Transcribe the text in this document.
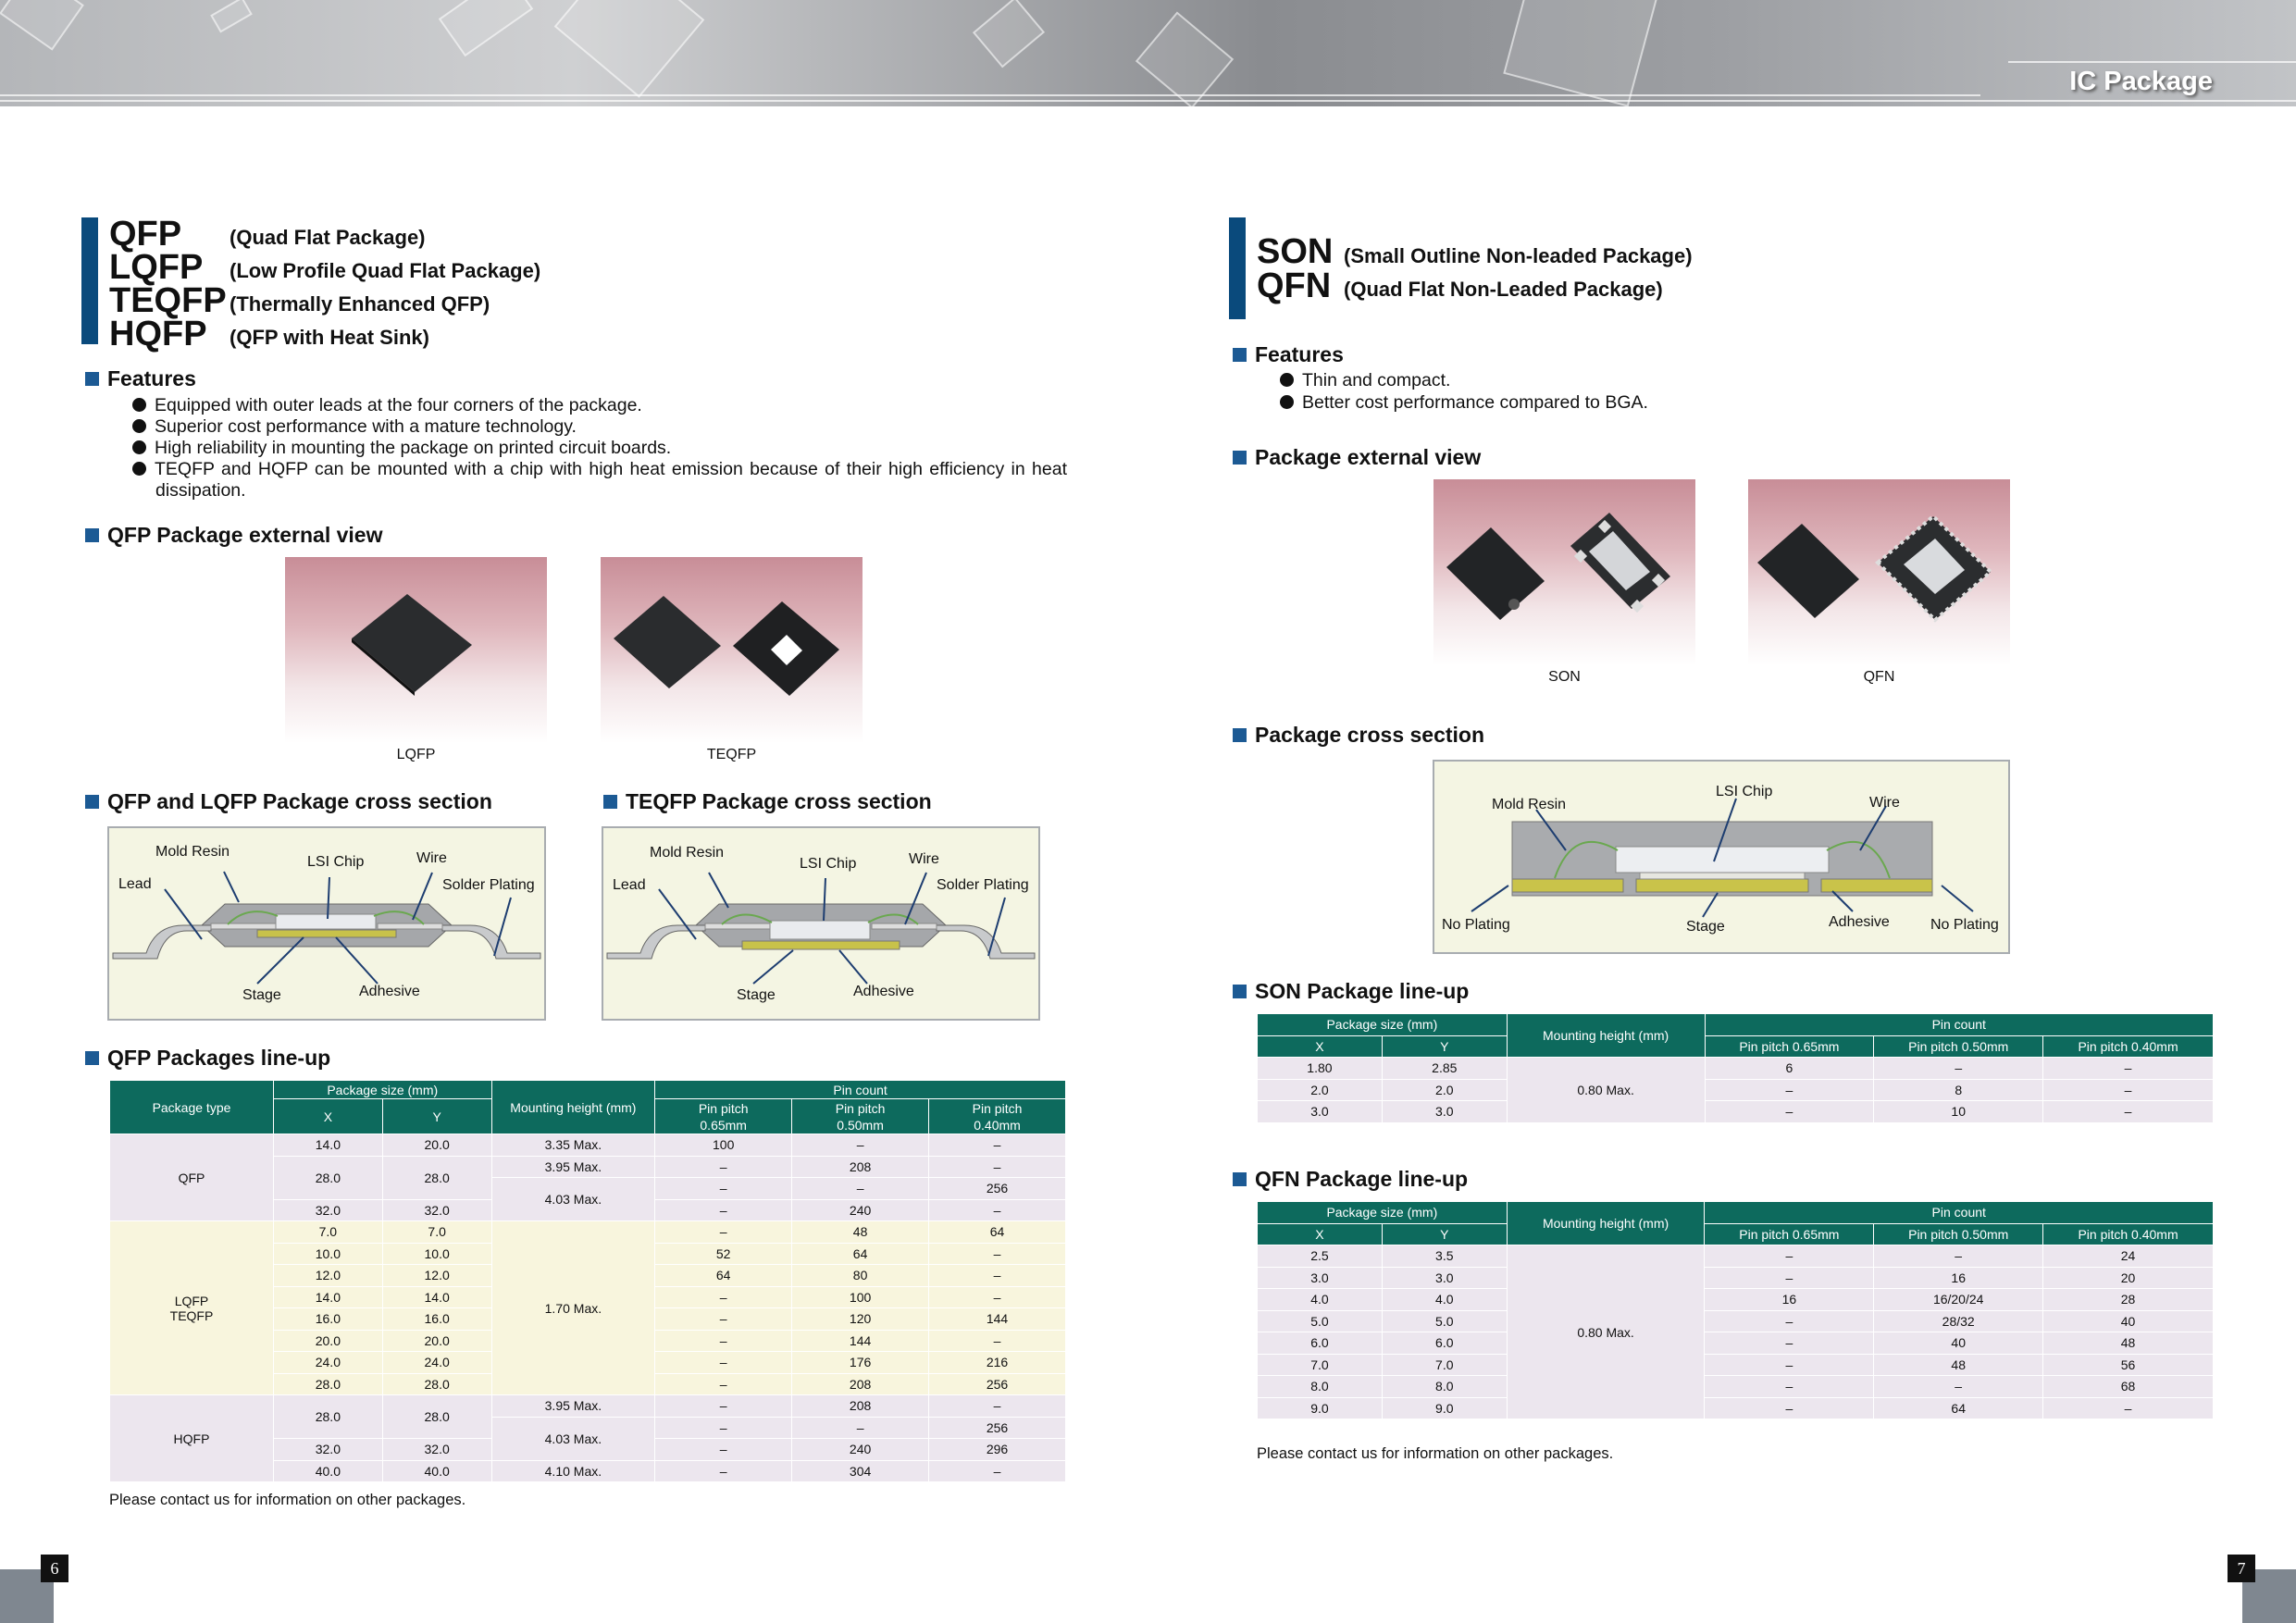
IC Package
QFP (Quad Flat Package)
LQFP (Low Profile Quad Flat Package)
TEQFP (Thermally Enhanced QFP)
HQFP (QFP with Heat Sink)
Features
Equipped with outer leads at the four corners of the package.
Superior cost performance with a mature technology.
High reliability in mounting the package on printed circuit boards.
TEQFP and HQFP can be mounted with a chip with high heat emission because of their high efficiency in heat dissipation.
QFP Package external view
LQFP	TEQFP
QFP and LQFP Package cross section	TEQFP Package cross section
Mold Resin
LSI Chip	Wire
Lead	Solder Plating
Stage	Adhesive
Mold Resin
LSI Chip	Wire
Lead	Solder Plating
Stage	Adhesive
QFP Packages line-up
Package type	Package size (mm)		Mounting height (mm)	Pin count		
	X	Y		Pin pitch 0.65mm	Pin pitch 0.50mm	Pin pitch 0.40mm
QFP	14.0	20.0	3.35 Max.	100	–	–
	28.0	28.0	3.95 Max.	–	208	–
			4.03 Max.	–	–	256
	32.0	32.0		–	240	–
LQFP TEQFP	7.0	7.0	1.70 Max.	–	48	64
	10.0	10.0		52	64	–
	12.0	12.0		64	80	–
	14.0	14.0		–	100	–
	16.0	16.0		–	120	144
	20.0	20.0		–	144	–
	24.0	24.0		–	176	216
	28.0	28.0		–	208	256
HQFP	28.0	28.0	3.95 Max.	–	208	–
			4.03 Max.	–	–	256
	32.0	32.0		–	240	296
	40.0	40.0	4.10 Max.	–	304	–
Please contact us for information on other packages.
SON (Small Outline Non-leaded Package)
QFN (Quad Flat Non-Leaded Package)
Features
Thin and compact.
Better cost performance compared to BGA.
Package external view
SON	QFN
Package cross section
Mold Resin
LSI Chip
Wire
No Plating	Stage	Adhesive	No Plating
SON Package line-up
Package size (mm)		Mounting height (mm)	Pin count		
X	Y		Pin pitch 0.65mm	Pin pitch 0.50mm	Pin pitch 0.40mm
1.80	2.85	0.80 Max.	6	–	–
2.0	2.0		–	8	–
3.0	3.0		–	10	–
QFN Package line-up
Package size (mm)		Mounting height (mm)	Pin count		
X	Y		Pin pitch 0.65mm	Pin pitch 0.50mm	Pin pitch 0.40mm
2.5	3.5	0.80 Max.	–	–	24
3.0	3.0		–	16	20
4.0	4.0		16	16/20/24	28
5.0	5.0		–	28/32	40
6.0	6.0		–	40	48
7.0	7.0		–	48	56
8.0	8.0		–	–	68
9.0	9.0		–	64	–
Please contact us for information on other packages.
6	7
